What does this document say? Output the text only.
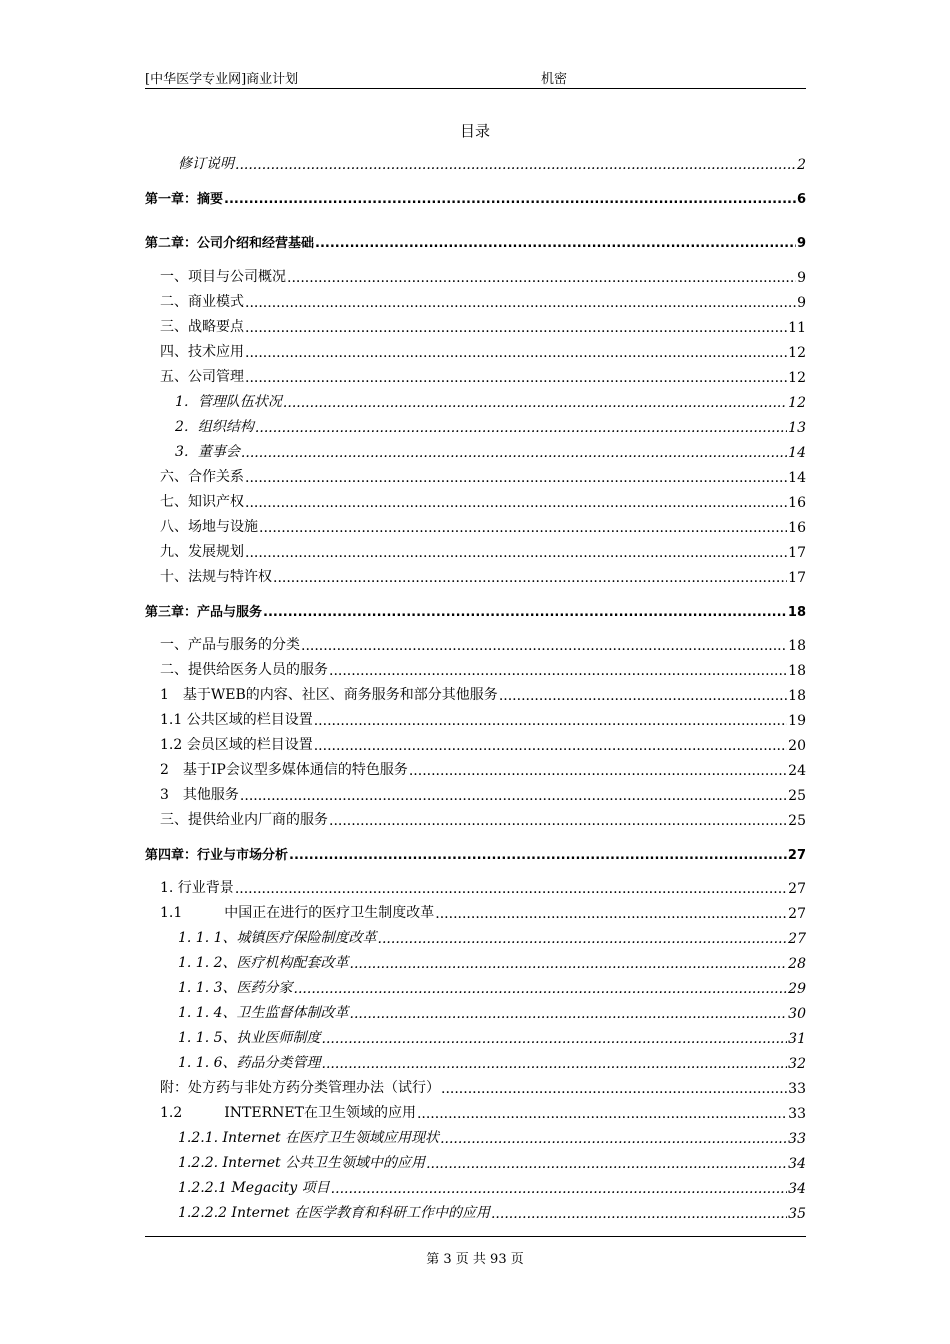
[中华医学专业网]商业计划	机密
目录
修订说明 .....	2
第一章：摘要 .....	6
第二章：公司介绍和经营基础 .....	9
一、项目与公司概况 .....	9
二、商业模式 .....	9
三、战略要点 .....	11
四、技术应用 .....	12
五、公司管理 .....	12
1．管理队伍状况 .....	12
2．组织结构 .....	13
3．董事会 .....	14
六、合作关系 .....	14
七、知识产权 .....	16
八、场地与设施 .....	16
九、发展规划 .....	17
十、法规与特许权 .....	17
第三章：产品与服务 .....	18
一、产品与服务的分类 .....	18
二、提供给医务人员的服务 .....	18
1　基于WEB的内容、社区、商务服务和部分其他服务 .....	18
1.1 公共区域的栏目设置 .....	19
1.2 会员区域的栏目设置 .....	20
2　基于IP会议型多媒体通信的特色服务 .....	24
3　其他服务 .....	25
三、提供给业内厂商的服务 .....	25
第四章：行业与市场分析 .....	27
1. 行业背景 .....	27
1.1　　　中国正在进行的医疗卫生制度改革 .....	27
1. 1. 1、城镇医疗保险制度改革 .....	27
1. 1. 2、医疗机构配套改革 .....	28
1. 1. 3、医药分家 .....	29
1. 1. 4、卫生监督体制改革 .....	30
1. 1. 5、执业医师制度 .....	31
1. 1. 6、药品分类管理 .....	32
附：处方药与非处方药分类管理办法（试行） .....	33
1.2　　　INTERNET在卫生领域的应用 .....	33
1.2.1. Internet 在医疗卫生领域应用现状 .....	33
1.2.2. Internet 公共卫生领域中的应用 .....	34
1.2.2.1 Megacity 项目 .....	34
1.2.2.2 Internet 在医学教育和科研工作中的应用 .....	35
第 3 页 共 93 页
